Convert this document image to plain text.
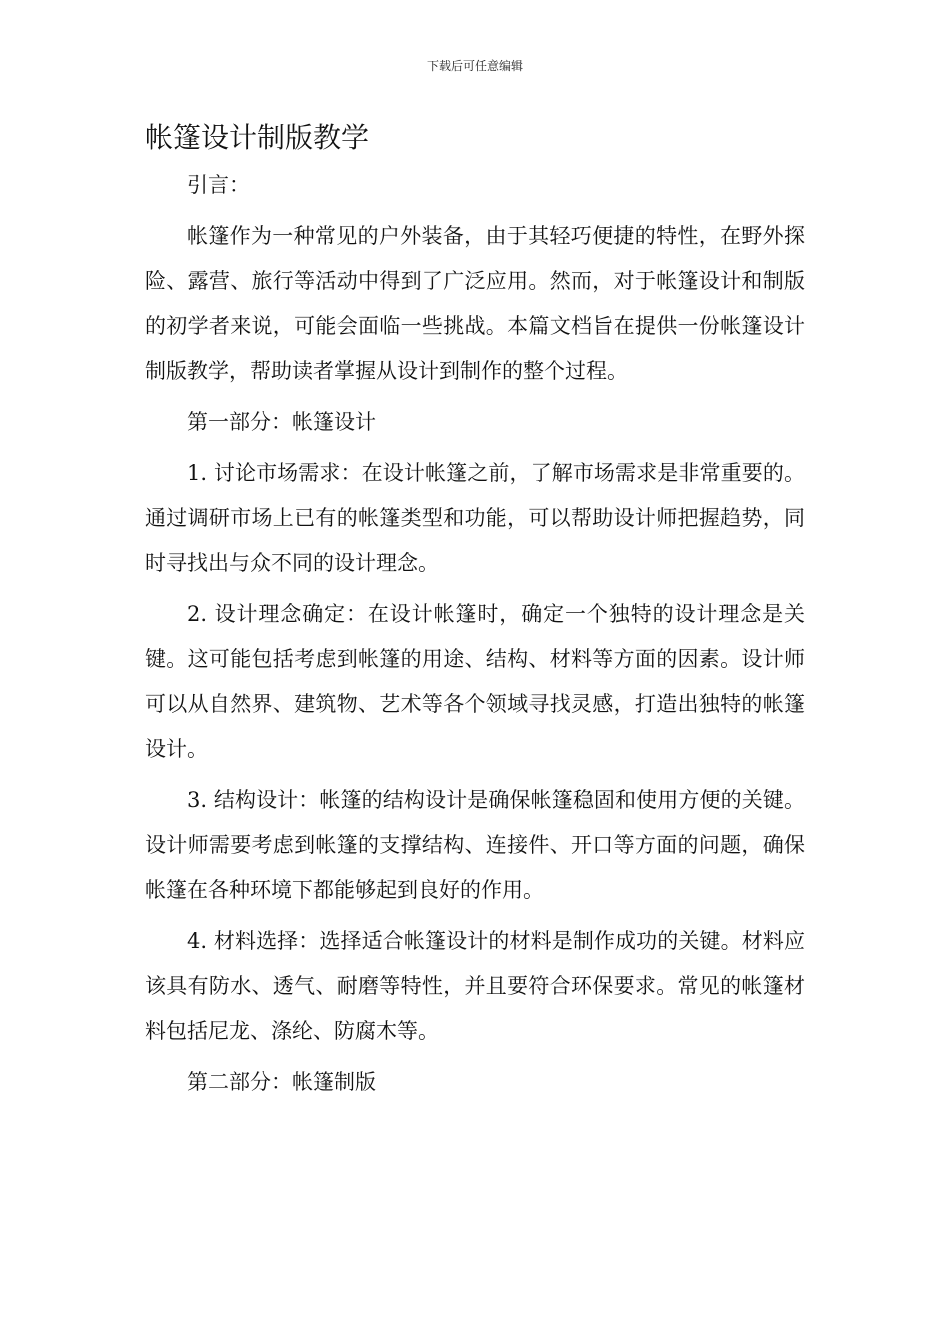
下载后可任意编辑
帐篷设计制版教学

引言：

帐篷作为一种常见的户外装备，由于其轻巧便捷的特性，在野外探险、露营、旅行等活动中得到了广泛应用。然而，对于帐篷设计和制版的初学者来说，可能会面临一些挑战。本篇文档旨在提供一份帐篷设计制版教学，帮助读者掌握从设计到制作的整个过程。

第一部分：帐篷设计

1. 讨论市场需求：在设计帐篷之前，了解市场需求是非常重要的。通过调研市场上已有的帐篷类型和功能，可以帮助设计师把握趋势，同时寻找出与众不同的设计理念。

2. 设计理念确定：在设计帐篷时，确定一个独特的设计理念是关键。这可能包括考虑到帐篷的用途、结构、材料等方面的因素。设计师可以从自然界、建筑物、艺术等各个领域寻找灵感，打造出独特的帐篷设计。

3. 结构设计：帐篷的结构设计是确保帐篷稳固和使用方便的关键。设计师需要考虑到帐篷的支撑结构、连接件、开口等方面的问题，确保帐篷在各种环境下都能够起到良好的作用。

4. 材料选择：选择适合帐篷设计的材料是制作成功的关键。材料应该具有防水、透气、耐磨等特性，并且要符合环保要求。常见的帐篷材料包括尼龙、涤纶、防腐木等。

第二部分：帐篷制版
